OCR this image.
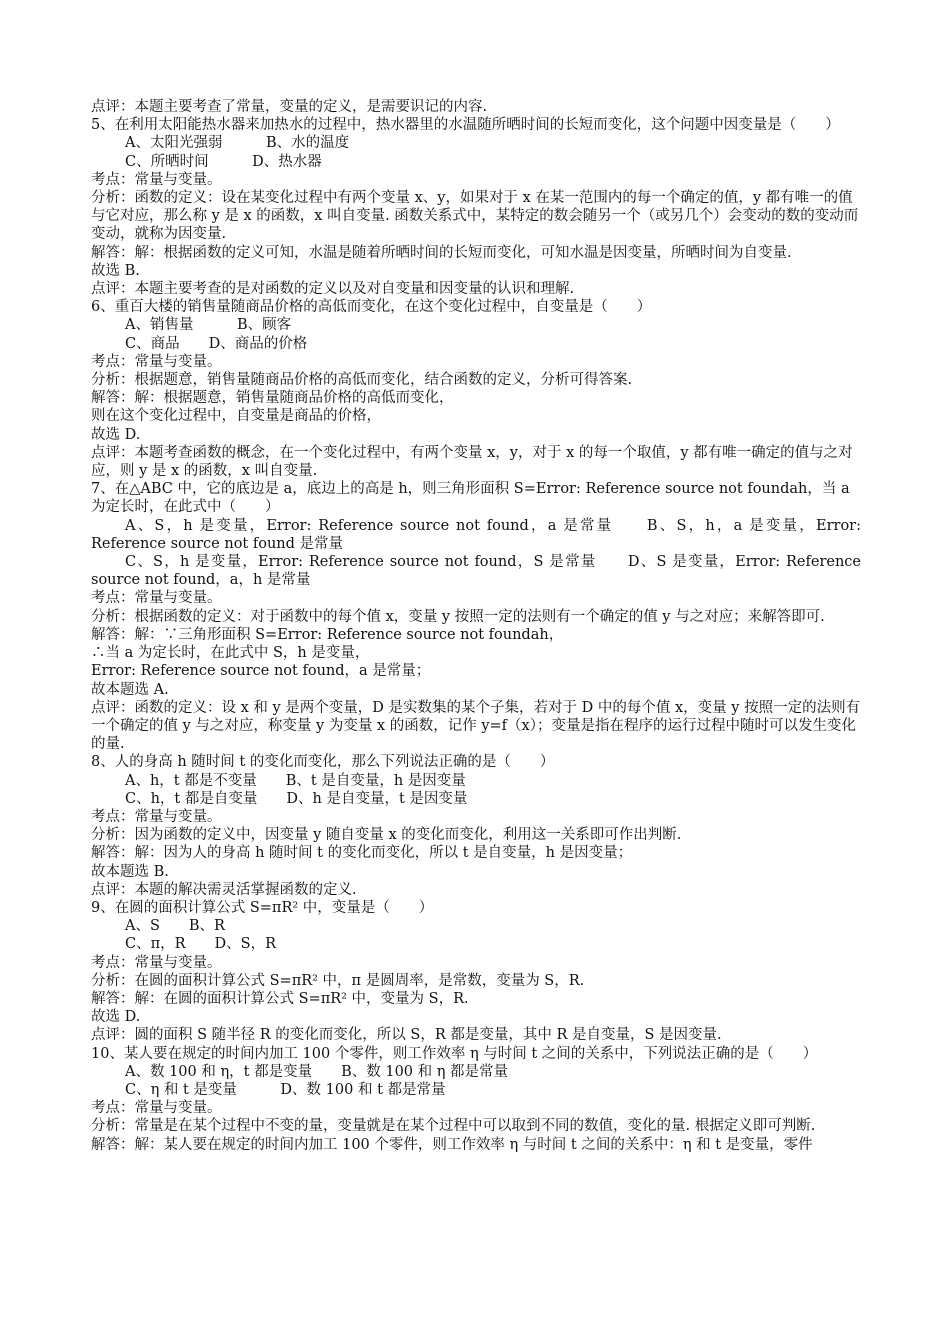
点评：本题主要考查了常量，变量的定义，是需要识记的内容.

5、在利用太阳能热水器来加热水的过程中，热水器里的水温随所晒时间的长短而变化，这个问题中因变量是（　　）

A、太阳光强弱　　　B、水的温度

C、所晒时间　　　D、热水器

考点：常量与变量。

分析：函数的定义：设在某变化过程中有两个变量 x、y，如果对于 x 在某一范围内的每一个确定的值，y 都有唯一的值与它对应，那么称 y 是 x 的函数，x 叫自变量. 函数关系式中，某特定的数会随另一个（或另几个）会变动的数的变动而变动，就称为因变量.

解答：解：根据函数的定义可知，水温是随着所晒时间的长短而变化，可知水温是因变量，所晒时间为自变量.

故选 B.

点评：本题主要考查的是对函数的定义以及对自变量和因变量的认识和理解.

6、重百大楼的销售量随商品价格的高低而变化，在这个变化过程中，自变量是（　　）

A、销售量　　　B、顾客

C、商品　　D、商品的价格

考点：常量与变量。

分析：根据题意，销售量随商品价格的高低而变化，结合函数的定义，分析可得答案.

解答：解：根据题意，销售量随商品价格的高低而变化，

则在这个变化过程中，自变量是商品的价格，

故选 D.

点评：本题考查函数的概念，在一个变化过程中，有两个变量 x，y，对于 x 的每一个取值，y 都有唯一确定的值与之对应，则 y 是 x 的函数，x 叫自变量.

7、在△ABC 中，它的底边是 a，底边上的高是 h，则三角形面积 S=Error: Reference source not foundah，当 a 为定长时，在此式中（　　）

A、S，h 是变量，Error: Reference source not found，a 是常量　　B、S，h，a 是变量，Error: Reference source not found 是常量

C、S，h 是变量，Error: Reference source not found，S 是常量　　D、S 是变量，Error: Reference source not found，a，h 是常量

考点：常量与变量。

分析：根据函数的定义：对于函数中的每个值 x，变量 y 按照一定的法则有一个确定的值 y 与之对应；来解答即可.

解答：解：∵三角形面积 S=Error: Reference source not foundah，

∴当 a 为定长时，在此式中 S，h 是变量，

Error: Reference source not found，a 是常量；

故本题选 A.

点评：函数的定义：设 x 和 y 是两个变量，D 是实数集的某个子集，若对于 D 中的每个值 x，变量 y 按照一定的法则有一个确定的值 y 与之对应，称变量 y 为变量 x 的函数，记作 y=f（x）；变量是指在程序的运行过程中随时可以发生变化的量.

8、人的身高 h 随时间 t 的变化而变化，那么下列说法正确的是（　　）

A、h，t 都是不变量　　B、t 是自变量，h 是因变量

C、h，t 都是自变量　　D、h 是自变量，t 是因变量

考点：常量与变量。

分析：因为函数的定义中，因变量 y 随自变量 x 的变化而变化，利用这一关系即可作出判断.

解答：解：因为人的身高 h 随时间 t 的变化而变化，所以 t 是自变量，h 是因变量；

故本题选 B.

点评：本题的解决需灵活掌握函数的定义.

9、在圆的面积计算公式 S=πR² 中，变量是（　　）

A、S　　B、R

C、π，R　　D、S，R

考点：常量与变量。

分析：在圆的面积计算公式 S=πR² 中，π 是圆周率，是常数，变量为 S，R.

解答：解：在圆的面积计算公式 S=πR² 中，变量为 S，R.

故选 D.

点评：圆的面积 S 随半径 R 的变化而变化，所以 S，R 都是变量，其中 R 是自变量，S 是因变量.

10、某人要在规定的时间内加工 100 个零件，则工作效率 η 与时间 t 之间的关系中，下列说法正确的是（　　）

A、数 100 和 η，t 都是变量　　B、数 100 和 η 都是常量

C、η 和 t 是变量　　　D、数 100 和 t 都是常量

考点：常量与变量。

分析：常量是在某个过程中不变的量，变量就是在某个过程中可以取到不同的数值，变化的量. 根据定义即可判断.

解答：解：某人要在规定的时间内加工 100 个零件，则工作效率 η 与时间 t 之间的关系中：η 和 t 是变量，零件
